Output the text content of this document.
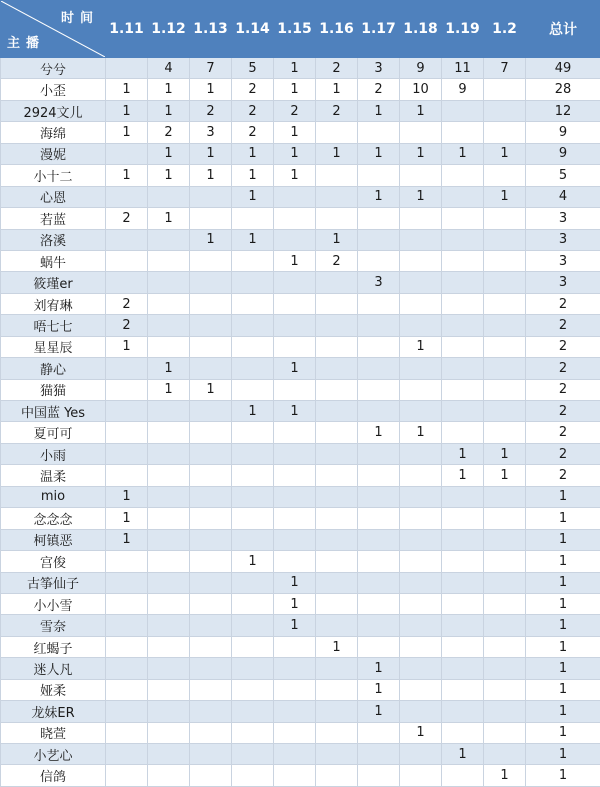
时间
主播	1.11	1.12	1.13	1.14	1.15	1.16	1.17	1.18	1.19	1.2	总计
兮兮		4	7	5	1	2	3	9	11	7	49
小歪	1	1	1	2	1	1	2	10	9		28
2924文儿	1	1	2	2	2	2	1	1			12
海绵	1	2	3	2	1						9
漫妮		1	1	1	1	1	1	1	1	1	9
小十二	1	1	1	1	1						5
心恩				1			1	1		1	4
若蓝	2	1									3
洛溪			1	1		1					3
蜗牛					1	2					3
筱瑾er							3				3
刘宥琳	2										2
唔七七	2										2
星星辰	1							1			2
静心		1			1						2
猫猫		1	1								2
中国蓝 Yes				1	1						2
夏可可							1	1			2
小雨									1	1	2
温柔									1	1	2
mio	1										1
念念念	1										1
柯镇恶	1										1
宫俊				1							1
古筝仙子					1						1
小小雪					1						1
雪奈					1						1
红蝎子						1					1
迷人凡							1				1
娅柔							1				1
龙妹ER							1				1
晓萱								1			1
小艺心									1		1
信鸽										1	1
